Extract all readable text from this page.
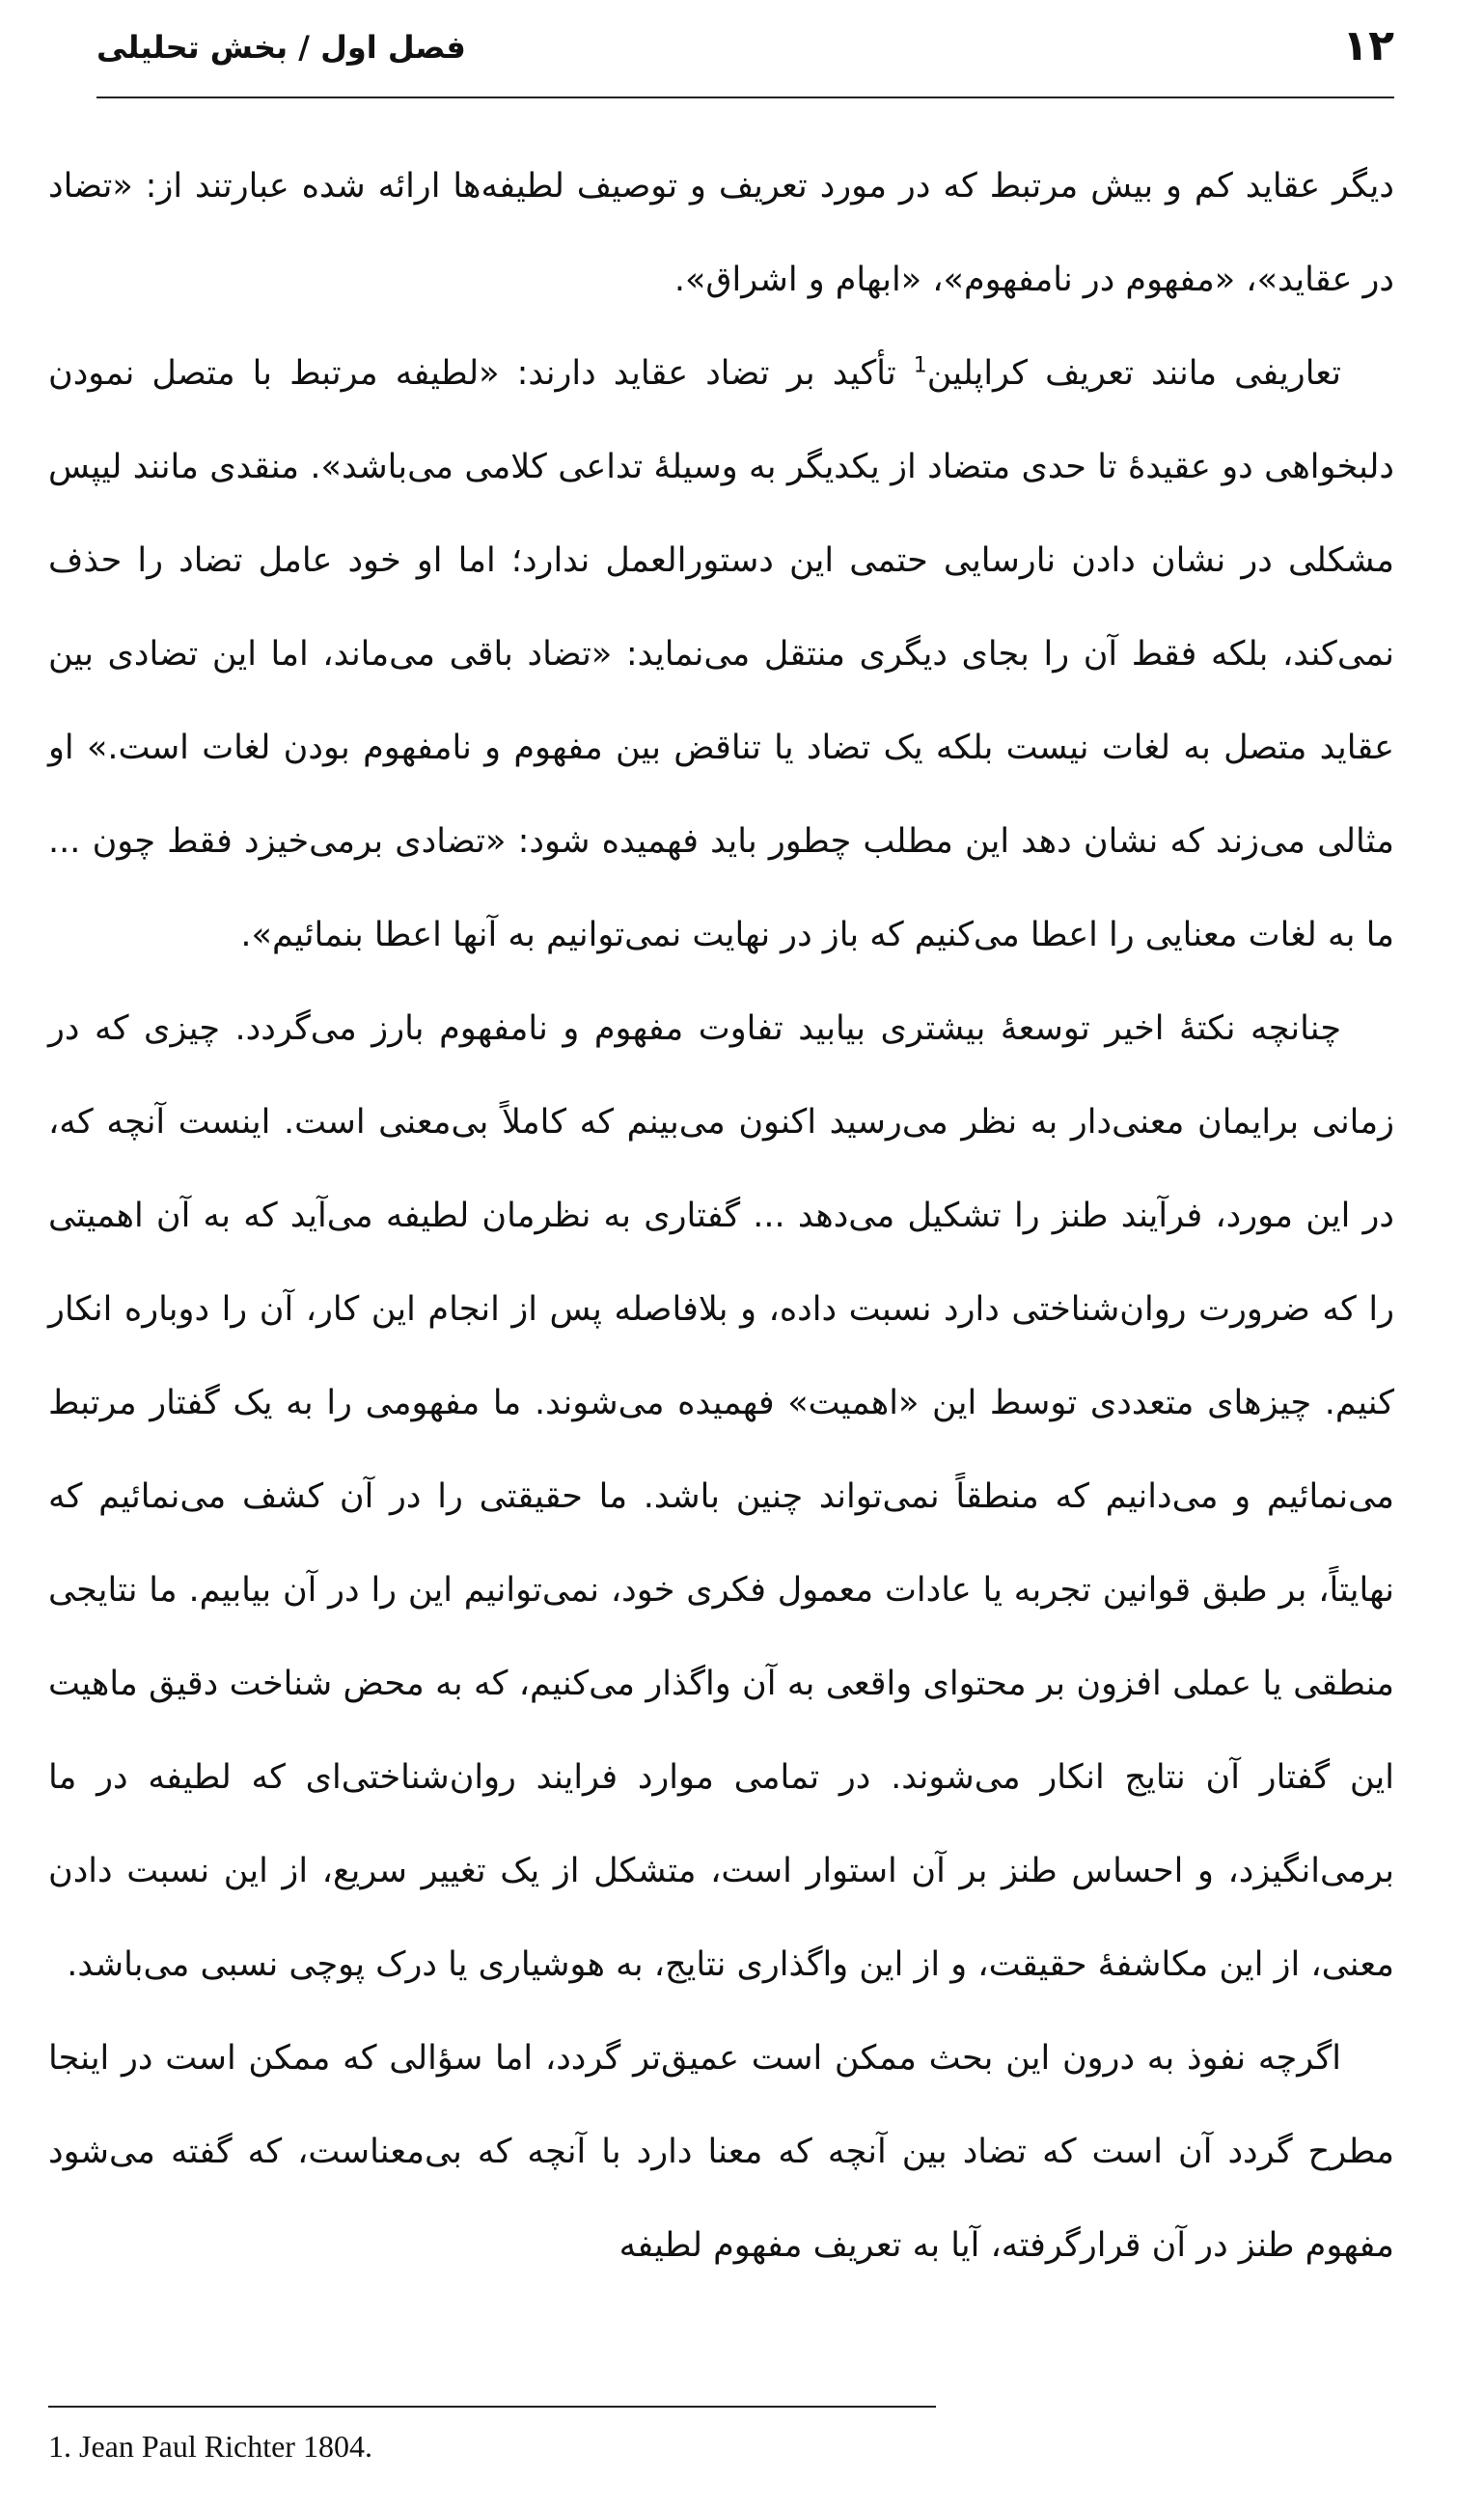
۱۲
فصل اول / بخش تحلیلی

دیگر عقاید کم و بیش مرتبط که در مورد تعریف و توصیف لطیفه‌ها ارائه شده عبارتند از: «تضاد در عقاید»، «مفهوم در نامفهوم»، «ابهام و اشراق».

تعاریفی مانند تعریف کراپلین$^1$ تأکید بر تضاد عقاید دارند: «لطیفه مرتبط با متصل نمودن دلبخواهی دو عقیدهٔ تا حدی متضاد از یکدیگر به وسیلهٔ تداعی کلامی می‌باشد». منقدی مانند لیپس مشکلی در نشان دادن نارسایی حتمی این دستورالعمل ندارد؛ اما او خود عامل تضاد را حذف نمی‌کند، بلکه فقط آن را بجای دیگری منتقل می‌نماید: «تضاد باقی می‌ماند، اما این تضادی بین عقاید متصل به لغات نیست بلکه یک تضاد یا تناقض بین مفهوم و نامفهوم بودن لغات است.» او مثالی می‌زند که نشان دهد این مطلب چطور باید فهمیده شود: «تضادی برمی‌خیزد فقط چون ... ما به لغات معنایی را اعطا می‌کنیم که باز در نهایت نمی‌توانیم به آنها اعطا بنمائیم».

چنانچه نکتهٔ اخیر توسعهٔ بیشتری بیابید تفاوت مفهوم و نامفهوم بارز می‌گردد. چیزی که در زمانی برایمان معنی‌دار به نظر می‌رسید اکنون می‌بینم که کاملاً بی‌معنی است. اینست آنچه که، در این مورد، فرآیند طنز را تشکیل می‌دهد ... گفتاری به نظرمان لطیفه می‌آید که به آن اهمیتی را که ضرورت روان‌شناختی دارد نسبت داده، و بلافاصله پس از انجام این کار، آن را دوباره انکار کنیم. چیزهای متعددی توسط این «اهمیت» فهمیده می‌شوند. ما مفهومی را به یک گفتار مرتبط می‌نمائیم و می‌دانیم که منطقاً نمی‌تواند چنین باشد. ما حقیقتی را در آن کشف می‌نمائیم که نهایتاً، بر طبق قوانین تجربه یا عادات معمول فکری خود، نمی‌توانیم این را در آن بیابیم. ما نتایجی منطقی یا عملی افزون بر محتوای واقعی به آن واگذار می‌کنیم، که به محض شناخت دقیق ماهیت این گفتار آن نتایج انکار می‌شوند. در تمامی موارد فرایند روان‌شناختی‌ای که لطیفه در ما برمی‌انگیزد، و احساس طنز بر آن استوار است، متشکل از یک تغییر سریع، از این نسبت دادن معنی، از این مکاشفهٔ حقیقت، و از این واگذاری نتایج، به هوشیاری یا درک پوچی نسبی می‌باشد.

اگرچه نفوذ به درون این بحث ممکن است عمیق‌تر گردد، اما سؤالی که ممکن است در اینجا مطرح گردد آن است که تضاد بین آنچه که معنا دارد با آنچه که بی‌معناست، که گفته می‌شود مفهوم طنز در آن قرارگرفته، آیا به تعریف مفهوم لطیفه

1. Jean Paul Richter 1804.
